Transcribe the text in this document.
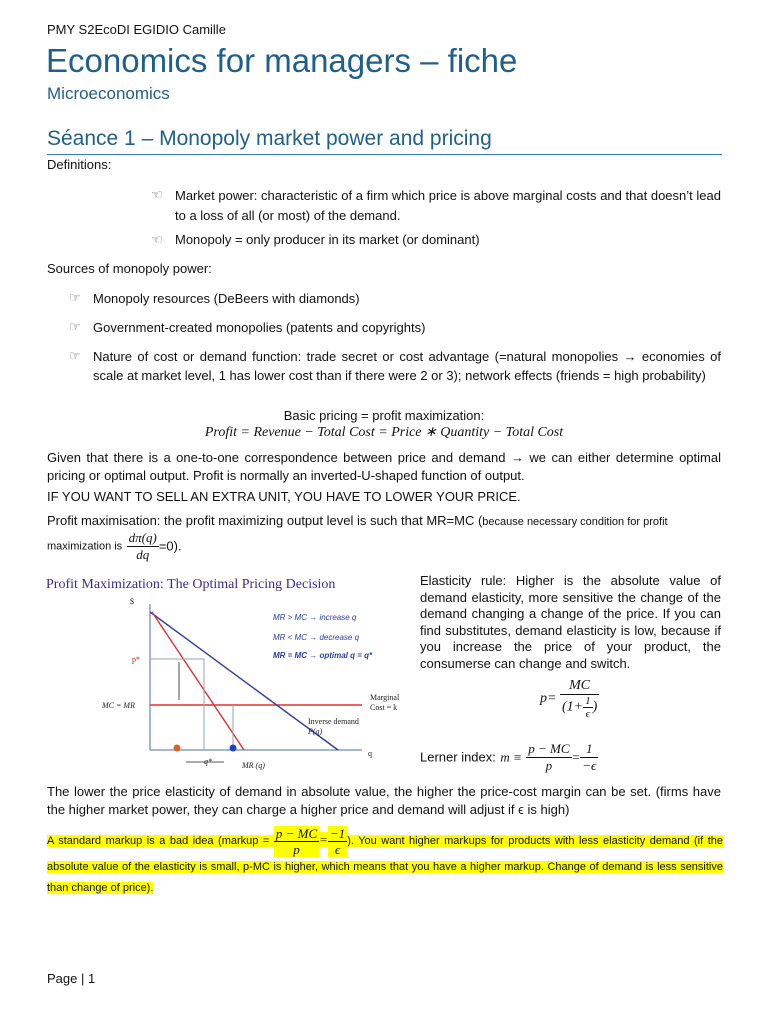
PMY S2EcoDI EGIDIO Camille
Economics for managers – fiche
Microeconomics
Séance 1 – Monopoly market power and pricing
Definitions:
☜ Market power: characteristic of a firm which price is above marginal costs and that doesn’t lead to a loss of all (or most) of the demand.
☜ Monopoly = only producer in its market (or dominant)
Sources of monopoly power:
☞ Monopoly resources (DeBeers with diamonds)
☞ Government-created monopolies (patents and copyrights)
☞ Nature of cost or demand function: trade secret or cost advantage (=natural monopolies → economies of scale at market level, 1 has lower cost than if there were 2 or 3); network effects (friends = high probability)
Basic pricing = profit maximization:
Profit = Revenue − Total Cost = Price ∗ Quantity − Total Cost
Given that there is a one-to-one correspondence between price and demand → we can either determine optimal pricing or optimal output. Profit is normally an inverted-U-shaped function of output.
IF YOU WANT TO SELL AN EXTRA UNIT, YOU HAVE TO LOWER YOUR PRICE.
Profit maximisation: the profit maximizing output level is such that MR=MC (because necessary condition for profit
maximization is $\frac{d\pi(q)}{dq} =0$).
Profit Maximization: The Optimal Pricing Decision
$
q
p*
MC = MR
Marginal
Cost = k
Inverse demand
P(q)
MR (q)
q*
MR > MC → increase q
MR < MC → decrease q
MR = MC → optimal q = q*
Elasticity rule: Higher is the absolute value of demand elasticity, more sensitive the change of the demand changing a change of the price. If you can find substitutes, demand elasticity is low, because if you increase the price of your product, the consumerse can change and switch.
$p= \frac{MC}{(1+ \frac{1}{\epsilon} )}$
Lerner index: $m \equiv \frac{p - MC}{p} = \frac{1}{-\epsilon}$
The lower the price elasticity of demand in absolute value, the higher the price-cost margin can be set. (firms have the higher market power, they can charge a higher price and demand will adjust if ϵ is high)
A standard markup is a bad idea (markup = $\frac{p - MC}{p} = \frac{-1}{\epsilon}$ ). You want higher markups for products with less elasticity demand (if the absolute value of the elasticity is small, p-MC is higher, which means that you have a higher markup. Change of demand is less sensitive than change of price).
Page | 1
